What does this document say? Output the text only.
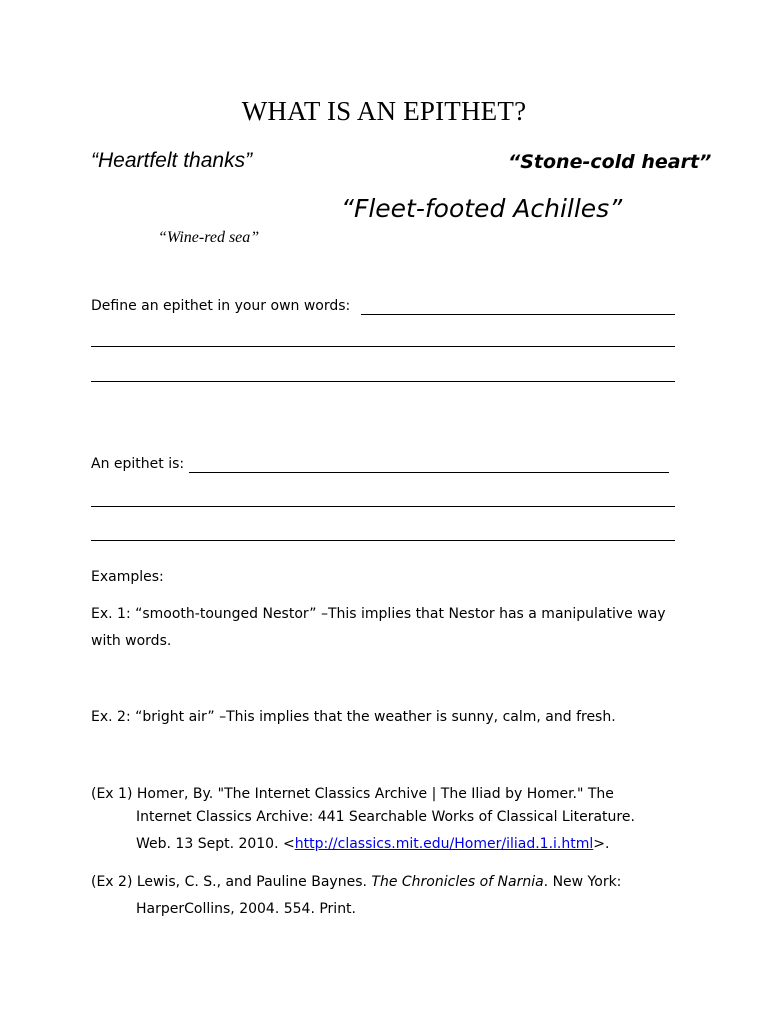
WHAT IS AN EPITHET?
“Heartfelt thanks”	“Stone-cold heart”
“Fleet-footed Achilles”
“Wine-red sea”
Define an epithet in your own words:
An epithet is:
Examples:
Ex. 1: “smooth-tounged Nestor” –This implies that Nestor has a manipulative way
with words.
Ex. 2: “bright air” –This implies that the weather is sunny, calm, and fresh.
(Ex 1) Homer, By. "The Internet Classics Archive | The Iliad by Homer." The
Internet Classics Archive: 441 Searchable Works of Classical Literature.
Web. 13 Sept. 2010. <http://classics.mit.edu/Homer/iliad.1.i.html>.
(Ex 2) Lewis, C. S., and Pauline Baynes. The Chronicles of Narnia. New York:
HarperCollins, 2004. 554. Print.
